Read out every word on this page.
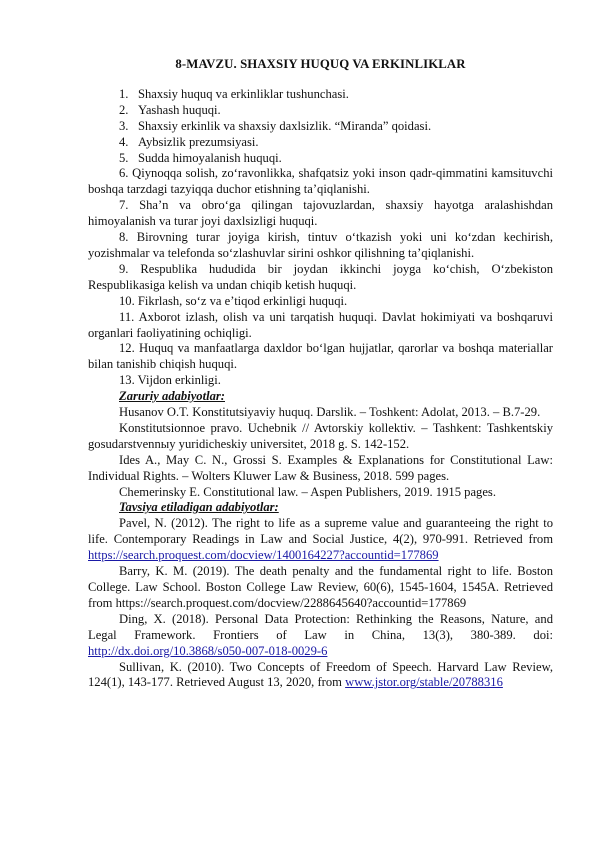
8-MAVZU. SHAXSIY HUQUQ VA ERKINLIKLAR
1. Shaxsiy huquq va erkinliklar tushunchasi.
2. Yashash huquqi.
3. Shaxsiy erkinlik va shaxsiy daxlsizlik. “Miranda” qoidasi.
4. Aybsizlik prezumsiyasi.
5. Sudda himoyalanish huquqi.

6. Qiynoqqa solish, zo‘ravonlikka, shafqatsiz yoki inson qadr-qimmatini kamsituvchi boshqa tarzdagi tazyiqqa duchor etishning ta’qiqlanishi.

7. Sha’n va obro‘ga qilingan tajovuzlardan, shaxsiy hayotga aralashishdan himoyalanish va turar joyi daxlsizligi huquqi.

8. Birovning turar joyiga kirish, tintuv o‘tkazish yoki uni ko‘zdan kechirish, yozishmalar va telefonda so‘zlashuvlar sirini oshkor qilishning ta’qiqlanishi.

9. Respublika hududida bir joydan ikkinchi joyga ko‘chish, O‘zbekiston Respublikasiga kelish va undan chiqib ketish huquqi.

10. Fikrlash, so‘z va e’tiqod erkinligi huquqi.

11. Axborot izlash, olish va uni tarqatish huquqi. Davlat hokimiyati va boshqaruvi organlari faoliyatining ochiqligi.

12. Huquq va manfaatlarga daxldor bo‘lgan hujjatlar, qarorlar va boshqa materiallar bilan tanishib chiqish huquqi.

13. Vijdon erkinligi.

Zaruriy adabiyotlar:

Husanov O.T. Konstitutsiyaviy huquq. Darslik. – Toshkent: Adolat, 2013. – B.7-29.

Konstitutsionnoe pravo. Uchebnik // Avtorskiy kollektiv. – Tashkent: Tashkentskiy gosudarstvennыy yuridicheskiy universitet, 2018 g. S. 142-152.

Ides A., May C. N., Grossi S. Examples & Explanations for Constitutional Law: Individual Rights. – Wolters Kluwer Law & Business, 2018. 599 pages.

Chemerinsky E. Constitutional law. – Aspen Publishers, 2019. 1915 pages.

Tavsiya etiladigan adabiyotlar:

Pavel, N. (2012). The right to life as a supreme value and guaranteeing the right to life. Contemporary Readings in Law and Social Justice, 4(2), 970-991. Retrieved from https://search.proquest.com/docview/1400164227?accountid=177869

Barry, K. M. (2019). The death penalty and the fundamental right to life. Boston College. Law School. Boston College Law Review, 60(6), 1545-1604, 1545A. Retrieved from https://search.proquest.com/docview/2288645640?accountid=177869

Ding, X. (2018). Personal Data Protection: Rethinking the Reasons, Nature, and Legal Framework. Frontiers of Law in China, 13(3), 380-389. doi: http://dx.doi.org/10.3868/s050-007-018-0029-6

Sullivan, K. (2010). Two Concepts of Freedom of Speech. Harvard Law Review, 124(1), 143-177. Retrieved August 13, 2020, from www.jstor.org/stable/20788316
